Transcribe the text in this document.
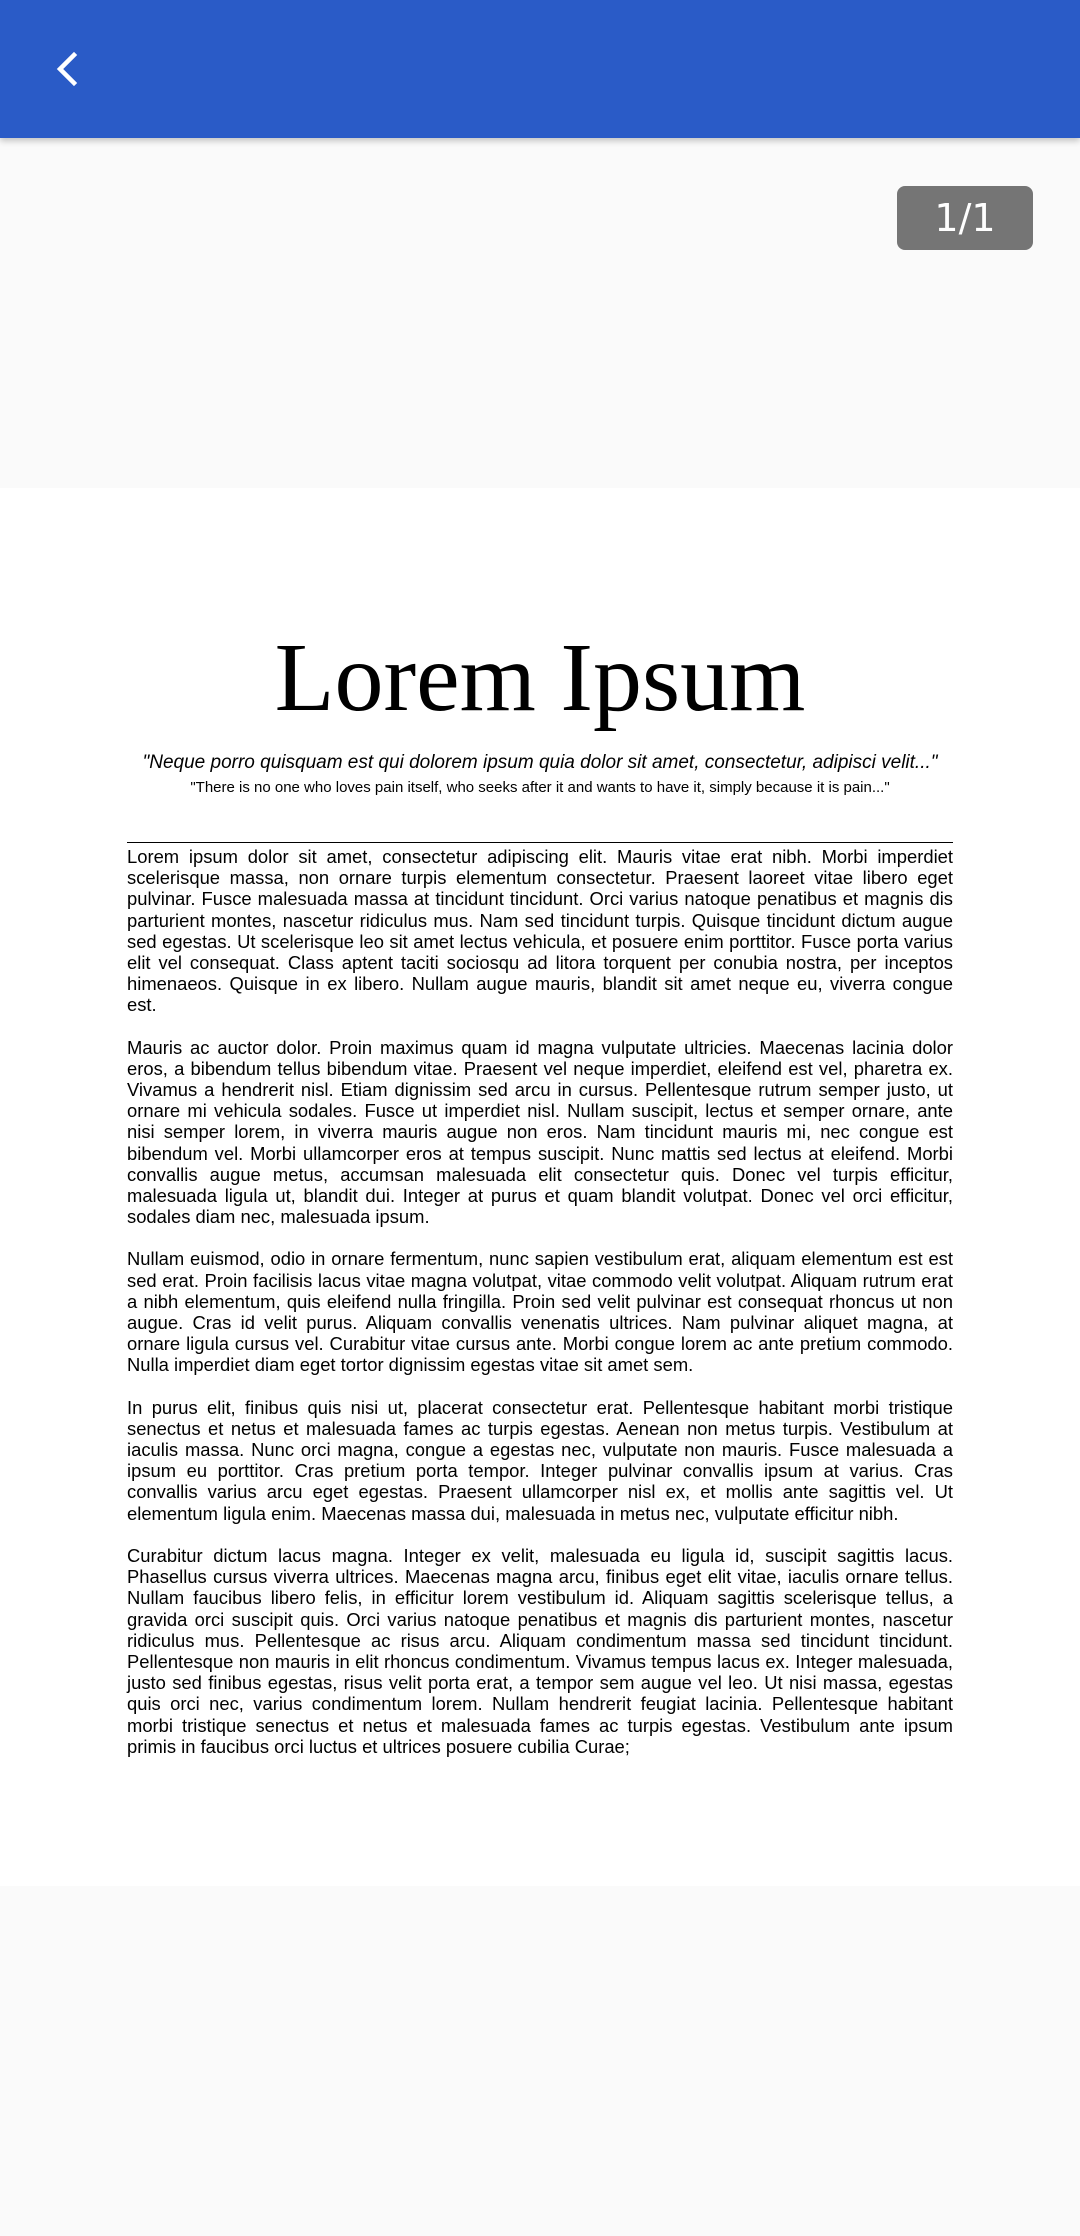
1/1
Lorem Ipsum
"Neque porro quisquam est qui dolorem ipsum quia dolor sit amet, consectetur, adipisci velit..."
"There is no one who loves pain itself, who seeks after it and wants to have it, simply because it is pain..."

Lorem ipsum dolor sit amet, consectetur adipiscing elit. Mauris vitae erat nibh. Morbi imperdiet scelerisque massa, non ornare turpis elementum consectetur. Praesent laoreet vitae libero eget pulvinar. Fusce malesuada massa at tincidunt tincidunt. Orci varius natoque penatibus et magnis dis parturient montes, nascetur ridiculus mus. Nam sed tincidunt turpis. Quisque tincidunt dictum augue sed egestas. Ut scelerisque leo sit amet lectus vehicula, et posuere enim porttitor. Fusce porta varius elit vel consequat. Class aptent taciti sociosqu ad litora torquent per conubia nostra, per inceptos himenaeos. Quisque in ex libero. Nullam augue mauris, blandit sit amet neque eu, viverra congue est.

Mauris ac auctor dolor. Proin maximus quam id magna vulputate ultricies. Maecenas lacinia dolor eros, a bibendum tellus bibendum vitae. Praesent vel neque imperdiet, eleifend est vel, pharetra ex. Vivamus a hendrerit nisl. Etiam dignissim sed arcu in cursus. Pellentesque rutrum semper justo, ut ornare mi vehicula sodales. Fusce ut imperdiet nisl. Nullam suscipit, lectus et semper ornare, ante nisi semper lorem, in viverra mauris augue non eros. Nam tincidunt mauris mi, nec congue est bibendum vel. Morbi ullamcorper eros at tempus suscipit. Nunc mattis sed lectus at eleifend. Morbi convallis augue metus, accumsan malesuada elit consectetur quis. Donec vel turpis efficitur, malesuada ligula ut, blandit dui. Integer at purus et quam blandit volutpat. Donec vel orci efficitur, sodales diam nec, malesuada ipsum.

Nullam euismod, odio in ornare fermentum, nunc sapien vestibulum erat, aliquam elementum est est sed erat. Proin facilisis lacus vitae magna volutpat, vitae commodo velit volutpat. Aliquam rutrum erat a nibh elementum, quis eleifend nulla fringilla. Proin sed velit pulvinar est consequat rhoncus ut non augue. Cras id velit purus. Aliquam convallis venenatis ultrices. Nam pulvinar aliquet magna, at ornare ligula cursus vel. Curabitur vitae cursus ante. Morbi congue lorem ac ante pretium commodo. Nulla imperdiet diam eget tortor dignissim egestas vitae sit amet sem.

In purus elit, finibus quis nisi ut, placerat consectetur erat. Pellentesque habitant morbi tristique senectus et netus et malesuada fames ac turpis egestas. Aenean non metus turpis. Vestibulum at iaculis massa. Nunc orci magna, congue a egestas nec, vulputate non mauris. Fusce malesuada a ipsum eu porttitor. Cras pretium porta tempor. Integer pulvinar convallis ipsum at varius. Cras convallis varius arcu eget egestas. Praesent ullamcorper nisl ex, et mollis ante sagittis vel. Ut elementum ligula enim. Maecenas massa dui, malesuada in metus nec, vulputate efficitur nibh.

Curabitur dictum lacus magna. Integer ex velit, malesuada eu ligula id, suscipit sagittis lacus. Phasellus cursus viverra ultrices. Maecenas magna arcu, finibus eget elit vitae, iaculis ornare tellus. Nullam faucibus libero felis, in efficitur lorem vestibulum id. Aliquam sagittis scelerisque tellus, a gravida orci suscipit quis. Orci varius natoque penatibus et magnis dis parturient montes, nascetur ridiculus mus. Pellentesque ac risus arcu. Aliquam condimentum massa sed tincidunt tincidunt. Pellentesque non mauris in elit rhoncus condimentum. Vivamus tempus lacus ex. Integer malesuada, justo sed finibus egestas, risus velit porta erat, a tempor sem augue vel leo. Ut nisi massa, egestas quis orci nec, varius condimentum lorem. Nullam hendrerit feugiat lacinia. Pellentesque habitant morbi tristique senectus et netus et malesuada fames ac turpis egestas. Vestibulum ante ipsum primis in faucibus orci luctus et ultrices posuere cubilia Curae;
